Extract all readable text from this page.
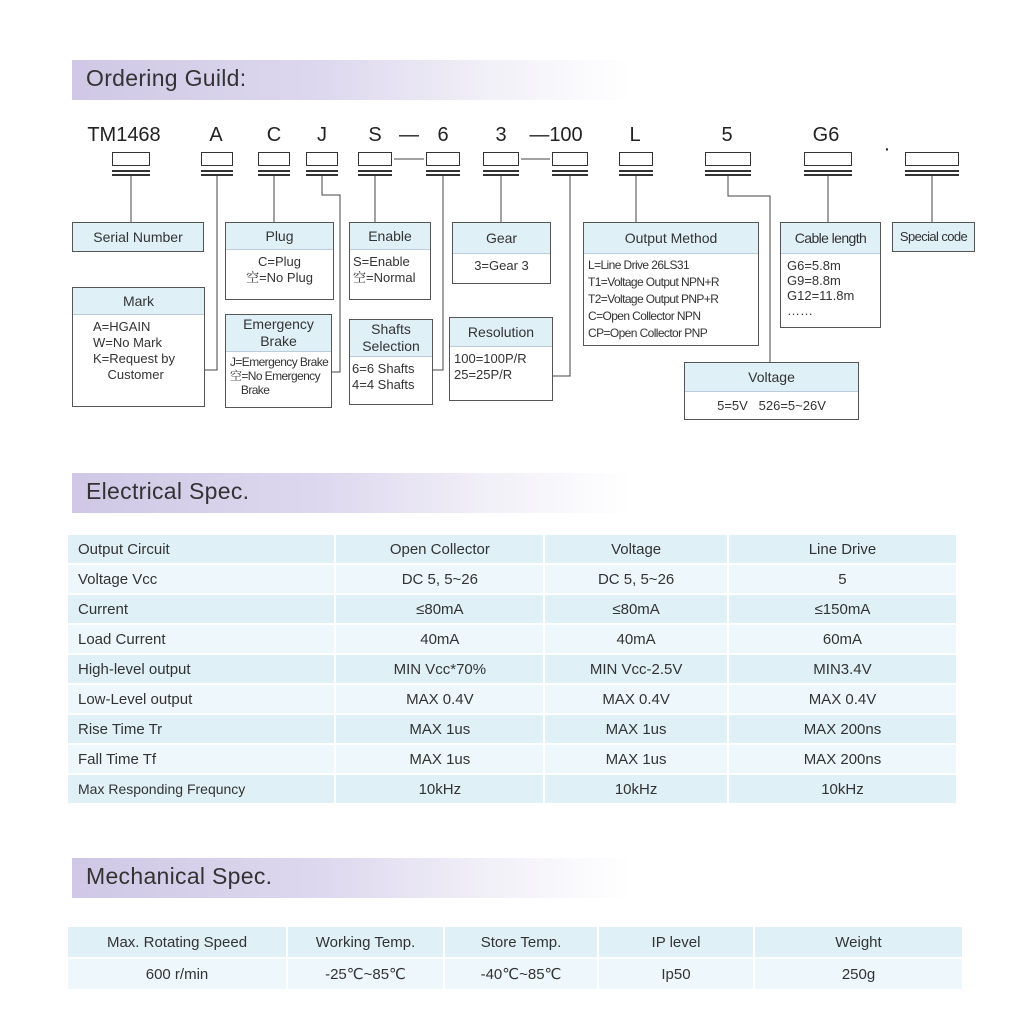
Ordering Guild:
TM1468 A C J S — 6 3 —100 L	5	G6
·
Serial Number	Plug
C=Plug
空=No Plug
Mark
A=HGAIN
W=No Mark
K=Request by
Customer
Emergency
Brake
J=Emergency Brake
空=No Emergency
Brake
Enable
S=Enable
空=Normal
Shafts
Selection
6=6 Shafts
4=4 Shafts
Gear
3=Gear 3
Resolution
100=100P/R
25=25P/R
Output Method
L=Line Drive 26LS31
T1=Voltage Output NPN+R
T2=Voltage Output PNP+R
C=Open Collector NPN
CP=Open Collector PNP
Voltage
5=5V   526=5~26V
Cable length
G6=5.8m
G9=8.8m
G12=11.8m
……
Special code
Electrical Spec.
Output Circuit	Open Collector	Voltage	Line Drive
Voltage Vcc	DC 5, 5~26	DC 5, 5~26	5
Current	≤80mA	≤80mA	≤150mA
Load Current	40mA	40mA	60mA
High-level output	MIN Vcc*70%	MIN Vcc-2.5V	MIN3.4V
Low-Level output	MAX 0.4V	MAX 0.4V	MAX 0.4V
Rise Time Tr	MAX 1us	MAX 1us	MAX 200ns
Fall Time Tf	MAX 1us	MAX 1us	MAX 200ns
Max Responding Frequncy	10kHz	10kHz	10kHz
Mechanical Spec.
Max. Rotating Speed	Working Temp.	Store Temp.	IP level	Weight
600 r/min	-25℃~85℃	-40℃~85℃	Ip50	250g
